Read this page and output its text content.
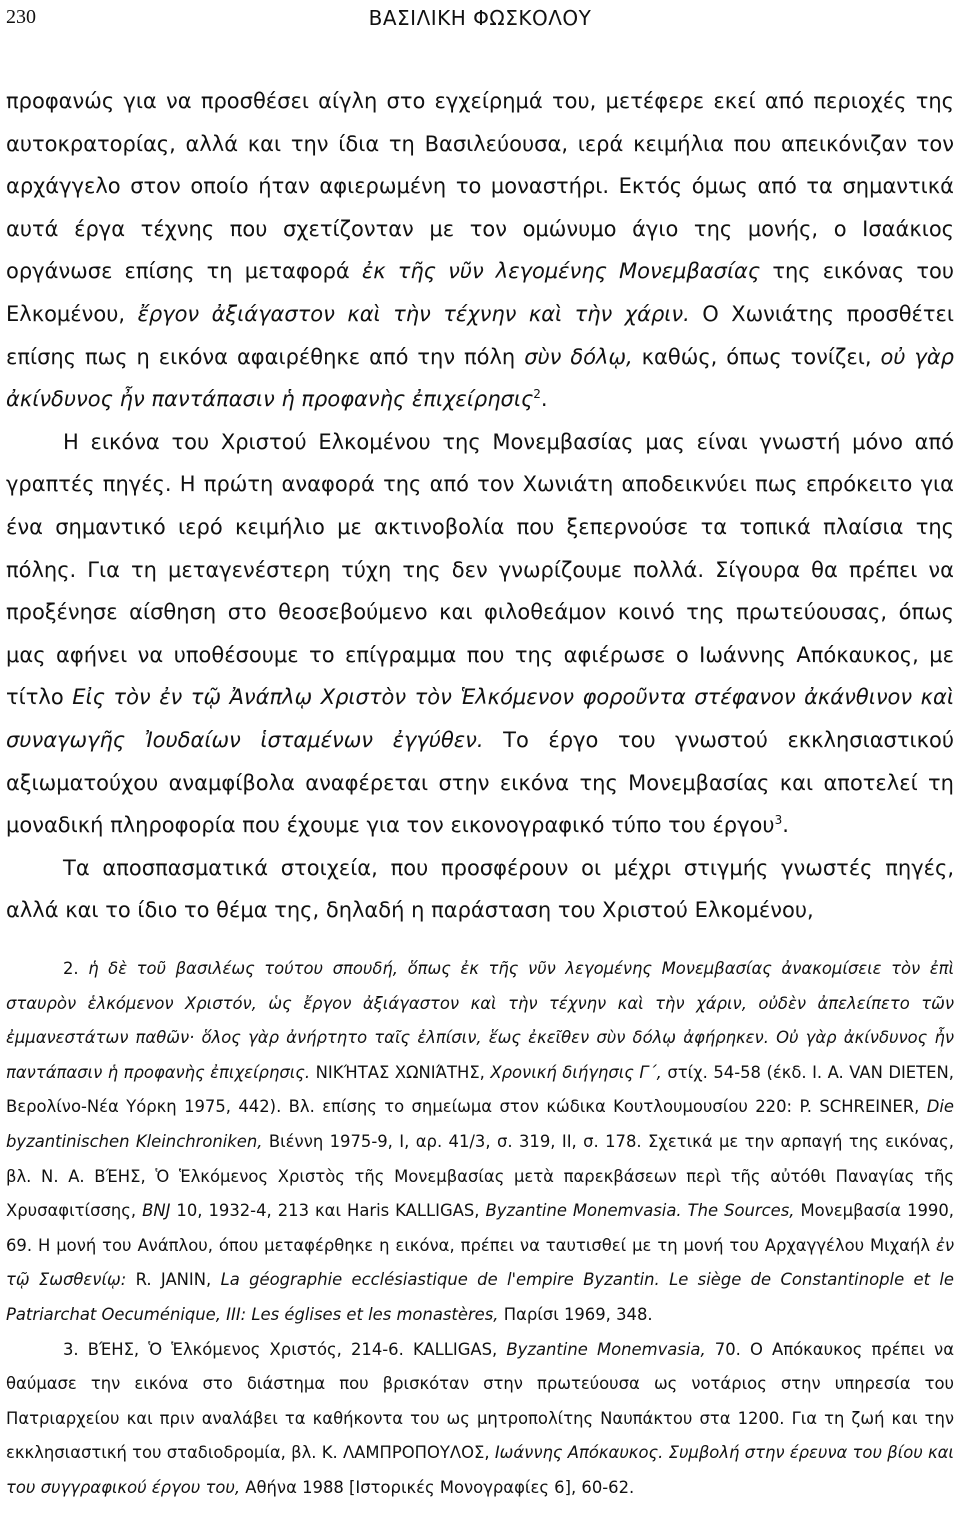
230	ΒΑΣΙΛΙΚΗ ΦΩΣΚΟΛΟΥ

προφανώς για να προσθέσει αίγλη στο εγχείρημά του, μετέφερε εκεί από περιοχές της αυτοκρατορίας, αλλά και την ίδια τη Βασιλεύουσα, ιερά κειμήλια που απεικόνιζαν τον αρχάγγελο στον οποίο ήταν αφιερωμένη το μοναστήρι. Εκτός όμως από τα σημαντικά αυτά έργα τέχνης που σχετίζονταν με τον ομώνυμο άγιο της μονής, ο Ισαάκιος οργάνωσε επίσης τη μεταφορά ἐκ τῆς νῦν λεγομένης Μονεμβασίας της εικόνας του Ελκομένου, ἔργον ἀξιάγαστον καὶ τὴν τέχνην καὶ τὴν χάριν. Ο Χωνιάτης προσθέτει επίσης πως η εικόνα αφαιρέθηκε από την πόλη σὺν δόλῳ, καθώς, όπως τονίζει, οὐ γὰρ ἀκίνδυνος ἦν παντάπασιν ἡ προφανὴς ἐπιχείρησις$^2$.

Η εικόνα του Χριστού Ελκομένου της Μονεμβασίας μας είναι γνωστή μόνο από γραπτές πηγές. Η πρώτη αναφορά της από τον Χωνιάτη αποδεικνύει πως επρόκειτο για ένα σημαντικό ιερό κειμήλιο με ακτινοβολία που ξεπερνούσε τα τοπικά πλαίσια της πόλης. Για τη μεταγενέστερη τύχη της δεν γνωρίζουμε πολλά. Σίγουρα θα πρέπει να προξένησε αίσθηση στο θεοσεβούμενο και φιλοθεάμον κοινό της πρωτεύουσας, όπως μας αφήνει να υποθέσουμε το επίγραμμα που της αφιέρωσε ο Ιωάννης Απόκαυκος, με τίτλο Εἰς τὸν ἐν τῷ Ἀνάπλῳ Χριστὸν τὸν Ἑλκόμενον φοροῦντα στέφανον ἀκάνθινον καὶ συναγωγῆς Ἰουδαίων ἱσταμένων ἐγγύθεν. Το έργο του γνωστού εκκλησιαστικού αξιωματούχου αναμφίβολα αναφέρεται στην εικόνα της Μονεμβασίας και αποτελεί τη μοναδική πληροφορία που έχουμε για τον εικονογραφικό τύπο του έργου$^3$.

Τα αποσπασματικά στοιχεία, που προσφέρουν οι μέχρι στιγμής γνωστές πηγές, αλλά και το ίδιο το θέμα της, δηλαδή η παράσταση του Χριστού Ελκομένου,

2. ἡ δὲ τοῦ βασιλέως τούτου σπουδή, ὅπως ἐκ τῆς νῦν λεγομένης Μονεμβασίας ἀνακομίσειε τὸν ἐπὶ σταυρὸν ἑλκόμενον Χριστόν, ὡς ἔργον ἀξιάγαστον καὶ τὴν τέχνην καὶ τὴν χάριν, οὐδὲν ἀπελείπετο τῶν ἐμμανεστάτων παθῶν· ὅλος γὰρ ἀνήρτητο ταῖς ἐλπίσιν, ἕως ἐκεῖθεν σὺν δόλῳ ἀφήρηκεν. Οὐ γὰρ ἀκίνδυνος ἦν παντάπασιν ἡ προφανὴς ἐπιχείρησις. ΝΙΚΉΤΑΣ ΧΩΝΙΆΤΗΣ, Χρονική διήγησις Γ΄, στίχ. 54-58 (έκδ. I. A. VAN DIETEN, Βερολίνο-Νέα Υόρκη 1975, 442). Βλ. επίσης το σημείωμα στον κώδικα Κουτλουμουσίου 220: P. SCHREINER, Die byzantinischen Kleinchroniken, Βιέννη 1975-9, I, αρ. 41/3, σ. 319, II, σ. 178. Σχετικά με την αρπαγή της εικόνας, βλ. Ν. Α. ΒΈΗΣ, Ὁ Ἑλκόμενος Χριστὸς τῆς Μονεμβασίας μετὰ παρεκβάσεων περὶ τῆς αὐτόθι Παναγίας τῆς Χρυσαφιτίσσης, BNJ 10, 1932-4, 213 και Haris KALLIGAS, Byzantine Monemvasia. The Sources, Μονεμβασία 1990, 69. Η μονή του Ανάπλου, όπου μεταφέρθηκε η εικόνα, πρέπει να ταυτισθεί με τη μονή του Αρχαγγέλου Μιχαήλ ἐν τῷ Σωσθενίῳ: R. JANIN, La géographie ecclésiastique de l'empire Byzantin. Le siège de Constantinople et le Patriarchat Oecuménique, III: Les églises et les monastères, Παρίσι 1969, 348.

3. ΒΈΗΣ, Ὁ Ἑλκόμενος Χριστός, 214-6. KALLIGAS, Byzantine Monemvasia, 70. Ο Απόκαυκος πρέπει να θαύμασε την εικόνα στο διάστημα που βρισκόταν στην πρωτεύουσα ως νοτάριος στην υπηρεσία του Πατριαρχείου και πριν αναλάβει τα καθήκοντα του ως μητροπολίτης Ναυπάκτου στα 1200. Για τη ζωή και την εκκλησιαστική του σταδιοδρομία, βλ. Κ. ΛΑΜΠΡΟΠΟΥΛΟΣ, Ιωάννης Απόκαυκος. Συμβολή στην έρευνα του βίου και του συγγραφικού έργου του, Αθήνα 1988 [Ιστορικές Μονογραφίες 6], 60-62.
